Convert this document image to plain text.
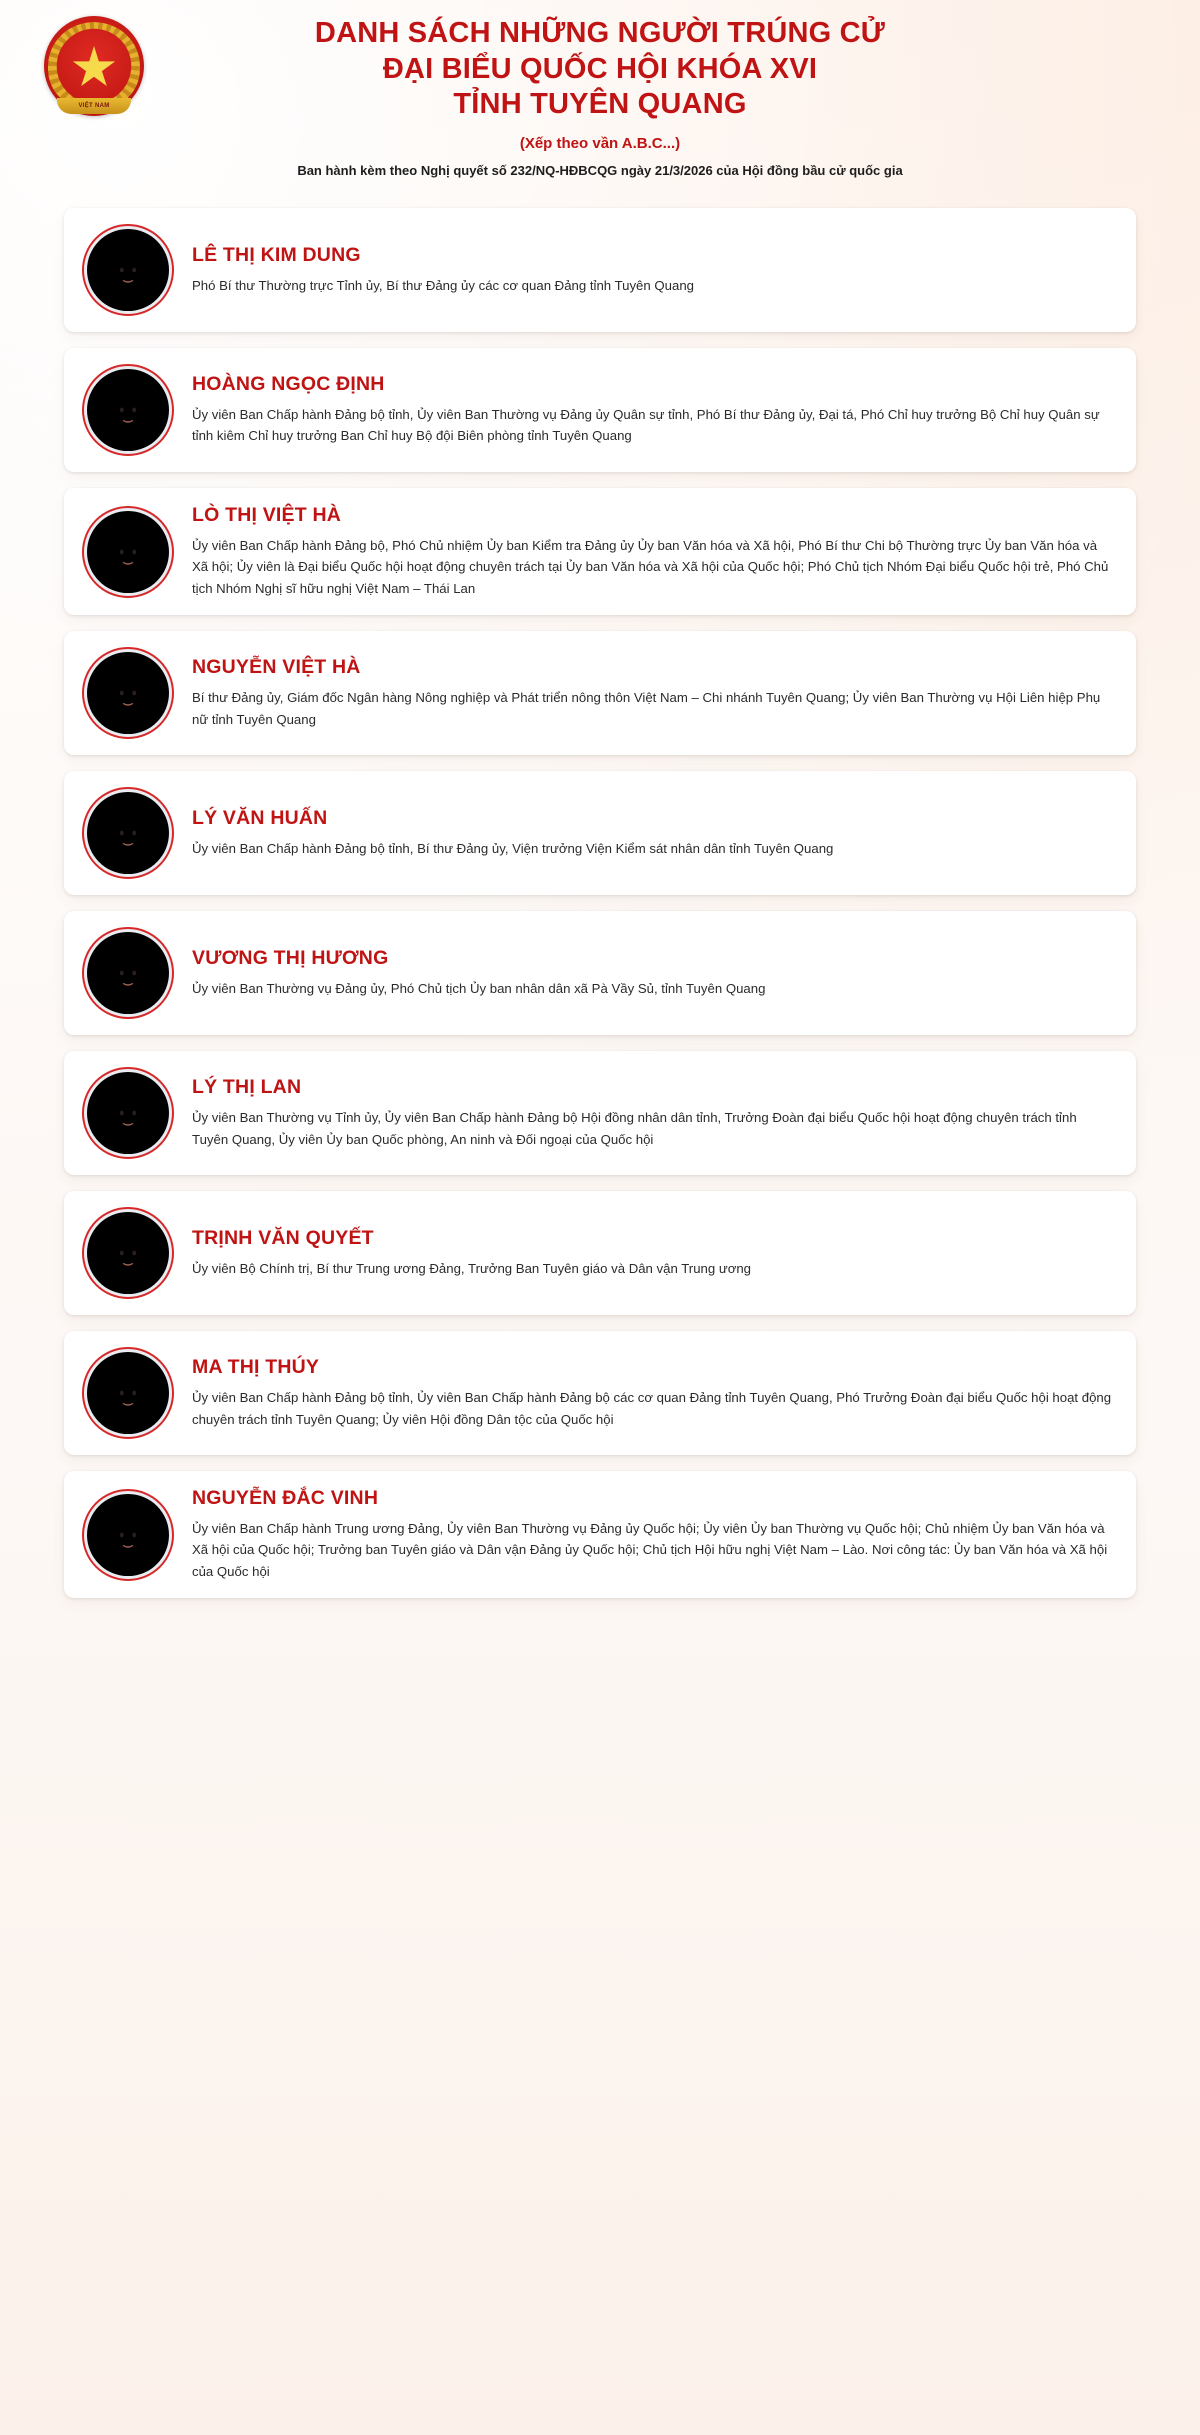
VIỆT NAM
DANH SÁCH NHỮNG NGƯỜI TRÚNG CỬ
ĐẠI BIỂU QUỐC HỘI KHÓA XVI
TỈNH TUYÊN QUANG
(Xếp theo vần A.B.C...)
Ban hành kèm theo Nghị quyết số 232/NQ-HĐBCQG ngày 21/3/2026 của Hội đồng bầu cử quốc gia
LÊ THỊ KIM DUNG
Phó Bí thư Thường trực Tỉnh ủy, Bí thư Đảng ủy các cơ quan Đảng tỉnh Tuyên Quang
HOÀNG NGỌC ĐỊNH
Ủy viên Ban Chấp hành Đảng bộ tỉnh, Ủy viên Ban Thường vụ Đảng ủy Quân sự tỉnh, Phó Bí thư Đảng ủy, Đại tá, Phó Chỉ huy trưởng Bộ Chỉ huy Quân sự tỉnh kiêm Chỉ huy trưởng Ban Chỉ huy Bộ đội Biên phòng tỉnh Tuyên Quang
LÒ THỊ VIỆT HÀ
Ủy viên Ban Chấp hành Đảng bộ, Phó Chủ nhiệm Ủy ban Kiểm tra Đảng ủy Ủy ban Văn hóa và Xã hội, Phó Bí thư Chi bộ Thường trực Ủy ban Văn hóa và Xã hội; Ủy viên là Đại biểu Quốc hội hoạt động chuyên trách tại Ủy ban Văn hóa và Xã hội của Quốc hội; Phó Chủ tịch Nhóm Đại biểu Quốc hội trẻ, Phó Chủ tịch Nhóm Nghị sĩ hữu nghị Việt Nam – Thái Lan
NGUYỄN VIỆT HÀ
Bí thư Đảng ủy, Giám đốc Ngân hàng Nông nghiệp và Phát triển nông thôn Việt Nam – Chi nhánh Tuyên Quang; Ủy viên Ban Thường vụ Hội Liên hiệp Phụ nữ tỉnh Tuyên Quang
LÝ VĂN HUẤN
Ủy viên Ban Chấp hành Đảng bộ tỉnh, Bí thư Đảng ủy, Viện trưởng Viện Kiểm sát nhân dân tỉnh Tuyên Quang
VƯƠNG THỊ HƯƠNG
Ủy viên Ban Thường vụ Đảng ủy, Phó Chủ tịch Ủy ban nhân dân xã Pà Vầy Sủ, tỉnh Tuyên Quang
LÝ THỊ LAN
Ủy viên Ban Thường vụ Tỉnh ủy, Ủy viên Ban Chấp hành Đảng bộ Hội đồng nhân dân tỉnh, Trưởng Đoàn đại biểu Quốc hội hoạt động chuyên trách tỉnh Tuyên Quang, Ủy viên Ủy ban Quốc phòng, An ninh và Đối ngoại của Quốc hội
TRỊNH VĂN QUYẾT
Ủy viên Bộ Chính trị, Bí thư Trung ương Đảng, Trưởng Ban Tuyên giáo và Dân vận Trung ương
MA THỊ THÚY
Ủy viên Ban Chấp hành Đảng bộ tỉnh, Ủy viên Ban Chấp hành Đảng bộ các cơ quan Đảng tỉnh Tuyên Quang, Phó Trưởng Đoàn đại biểu Quốc hội hoạt động chuyên trách tỉnh Tuyên Quang; Ủy viên Hội đồng Dân tộc của Quốc hội
NGUYỄN ĐẮC VINH
Ủy viên Ban Chấp hành Trung ương Đảng, Ủy viên Ban Thường vụ Đảng ủy Quốc hội; Ủy viên Ủy ban Thường vụ Quốc hội; Chủ nhiệm Ủy ban Văn hóa và Xã hội của Quốc hội; Trưởng ban Tuyên giáo và Dân vận Đảng ủy Quốc hội; Chủ tịch Hội hữu nghị Việt Nam – Lào. Nơi công tác: Ủy ban Văn hóa và Xã hội của Quốc hội
